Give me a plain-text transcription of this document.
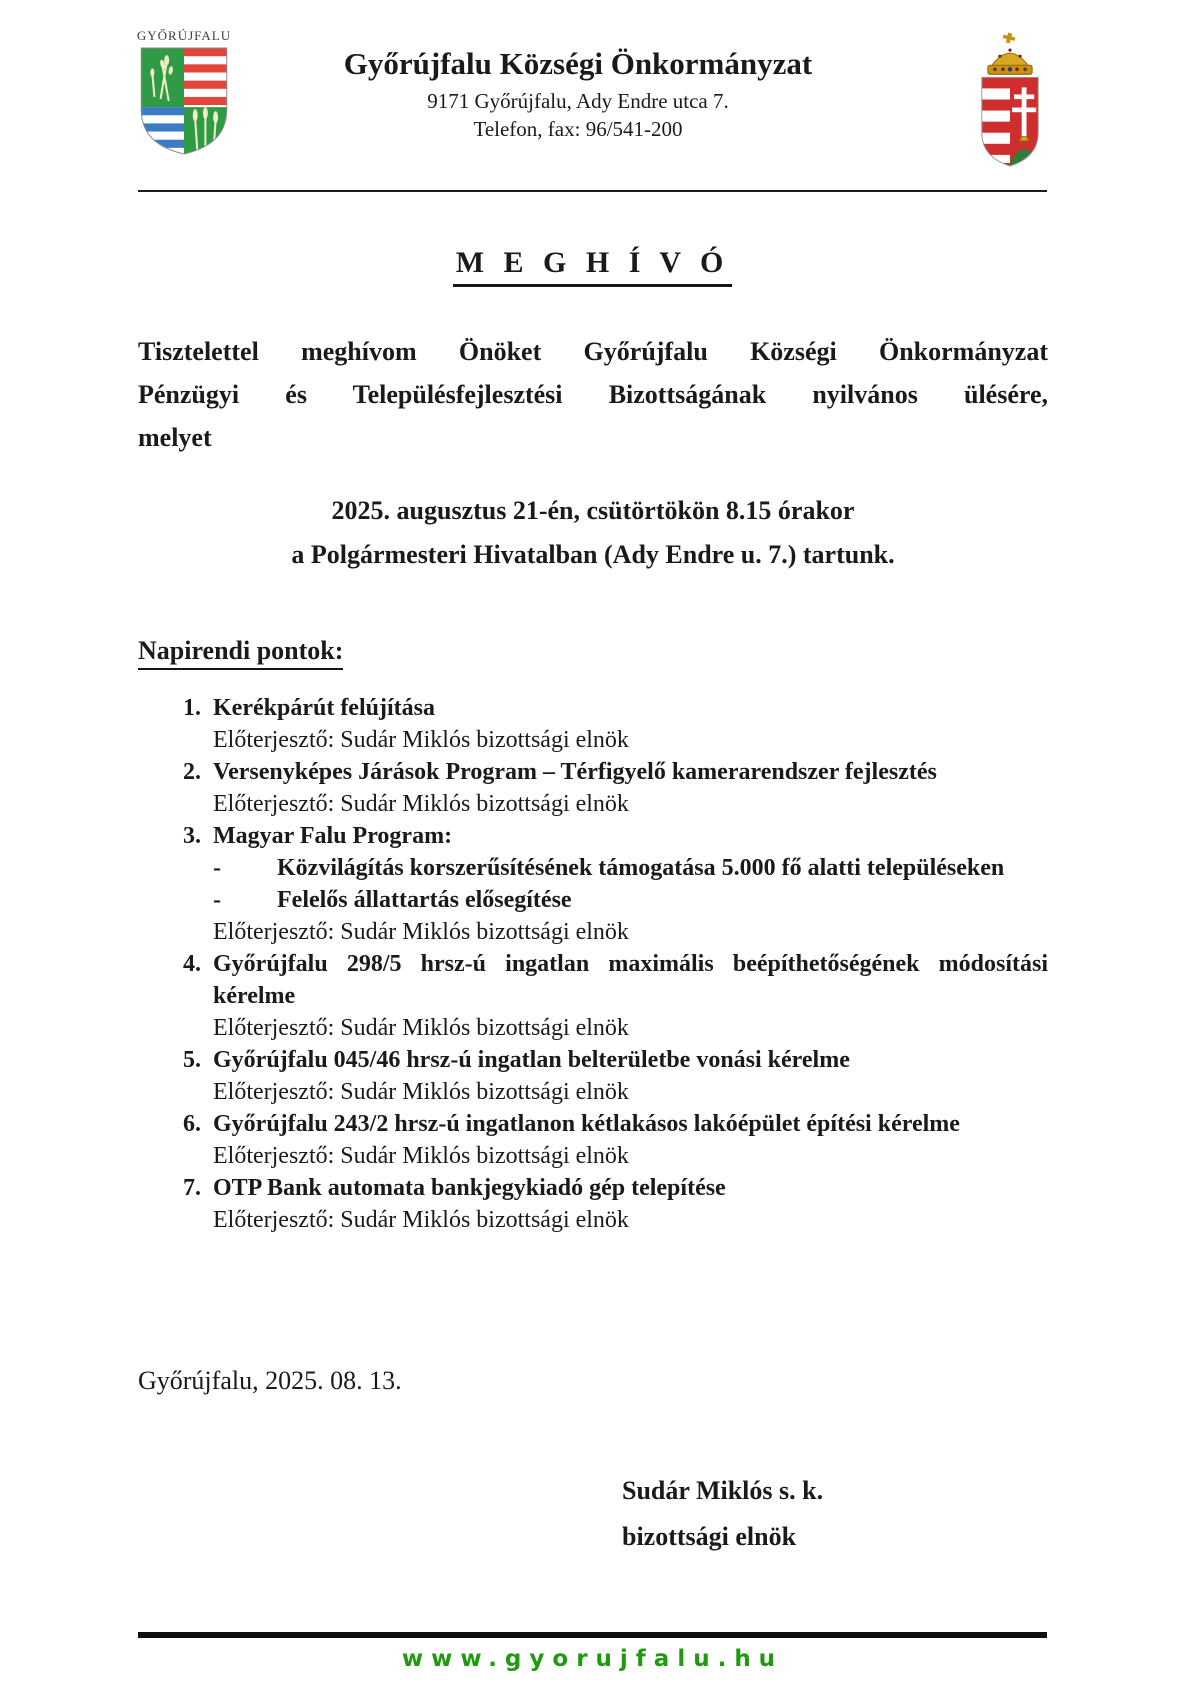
GYŐRÚJFALU
Győrújfalu Községi Önkormányzat
9171 Győrújfalu, Ady Endre utca 7.
Telefon, fax: 96/541-200
M E G H Í V Ó
Tisztelettel meghívom Önöket Győrújfalu Községi Önkormányzat
Pénzügyi és Településfejlesztési Bizottságának nyilvános ülésére,
melyet
2025. augusztus 21-én, csütörtökön 8.15 órakor
a Polgármesteri Hivatalban (Ady Endre u. 7.) tartunk.
Napirendi pontok:
1. Kerékpárút felújítása
Előterjesztő: Sudár Miklós bizottsági elnök
2. Versenyképes Járások Program – Térfigyelő kamerarendszer fejlesztés
Előterjesztő: Sudár Miklós bizottsági elnök
3. Magyar Falu Program:
- Közvilágítás korszerűsítésének támogatása 5.000 fő alatti településeken
- Felelős állattartás elősegítése
Előterjesztő: Sudár Miklós bizottsági elnök
4. Győrújfalu 298/5 hrsz-ú ingatlan maximális beépíthetőségének módosítási kérelme
Előterjesztő: Sudár Miklós bizottsági elnök
5. Győrújfalu 045/46 hrsz-ú ingatlan belterületbe vonási kérelme
Előterjesztő: Sudár Miklós bizottsági elnök
6. Győrújfalu 243/2 hrsz-ú ingatlanon kétlakásos lakóépület építési kérelme
Előterjesztő: Sudár Miklós bizottsági elnök
7. OTP Bank automata bankjegykiadó gép telepítése
Előterjesztő: Sudár Miklós bizottsági elnök
Győrújfalu, 2025. 08. 13.
Sudár Miklós s. k.
bizottsági elnök
www.gyorujfalu.hu
